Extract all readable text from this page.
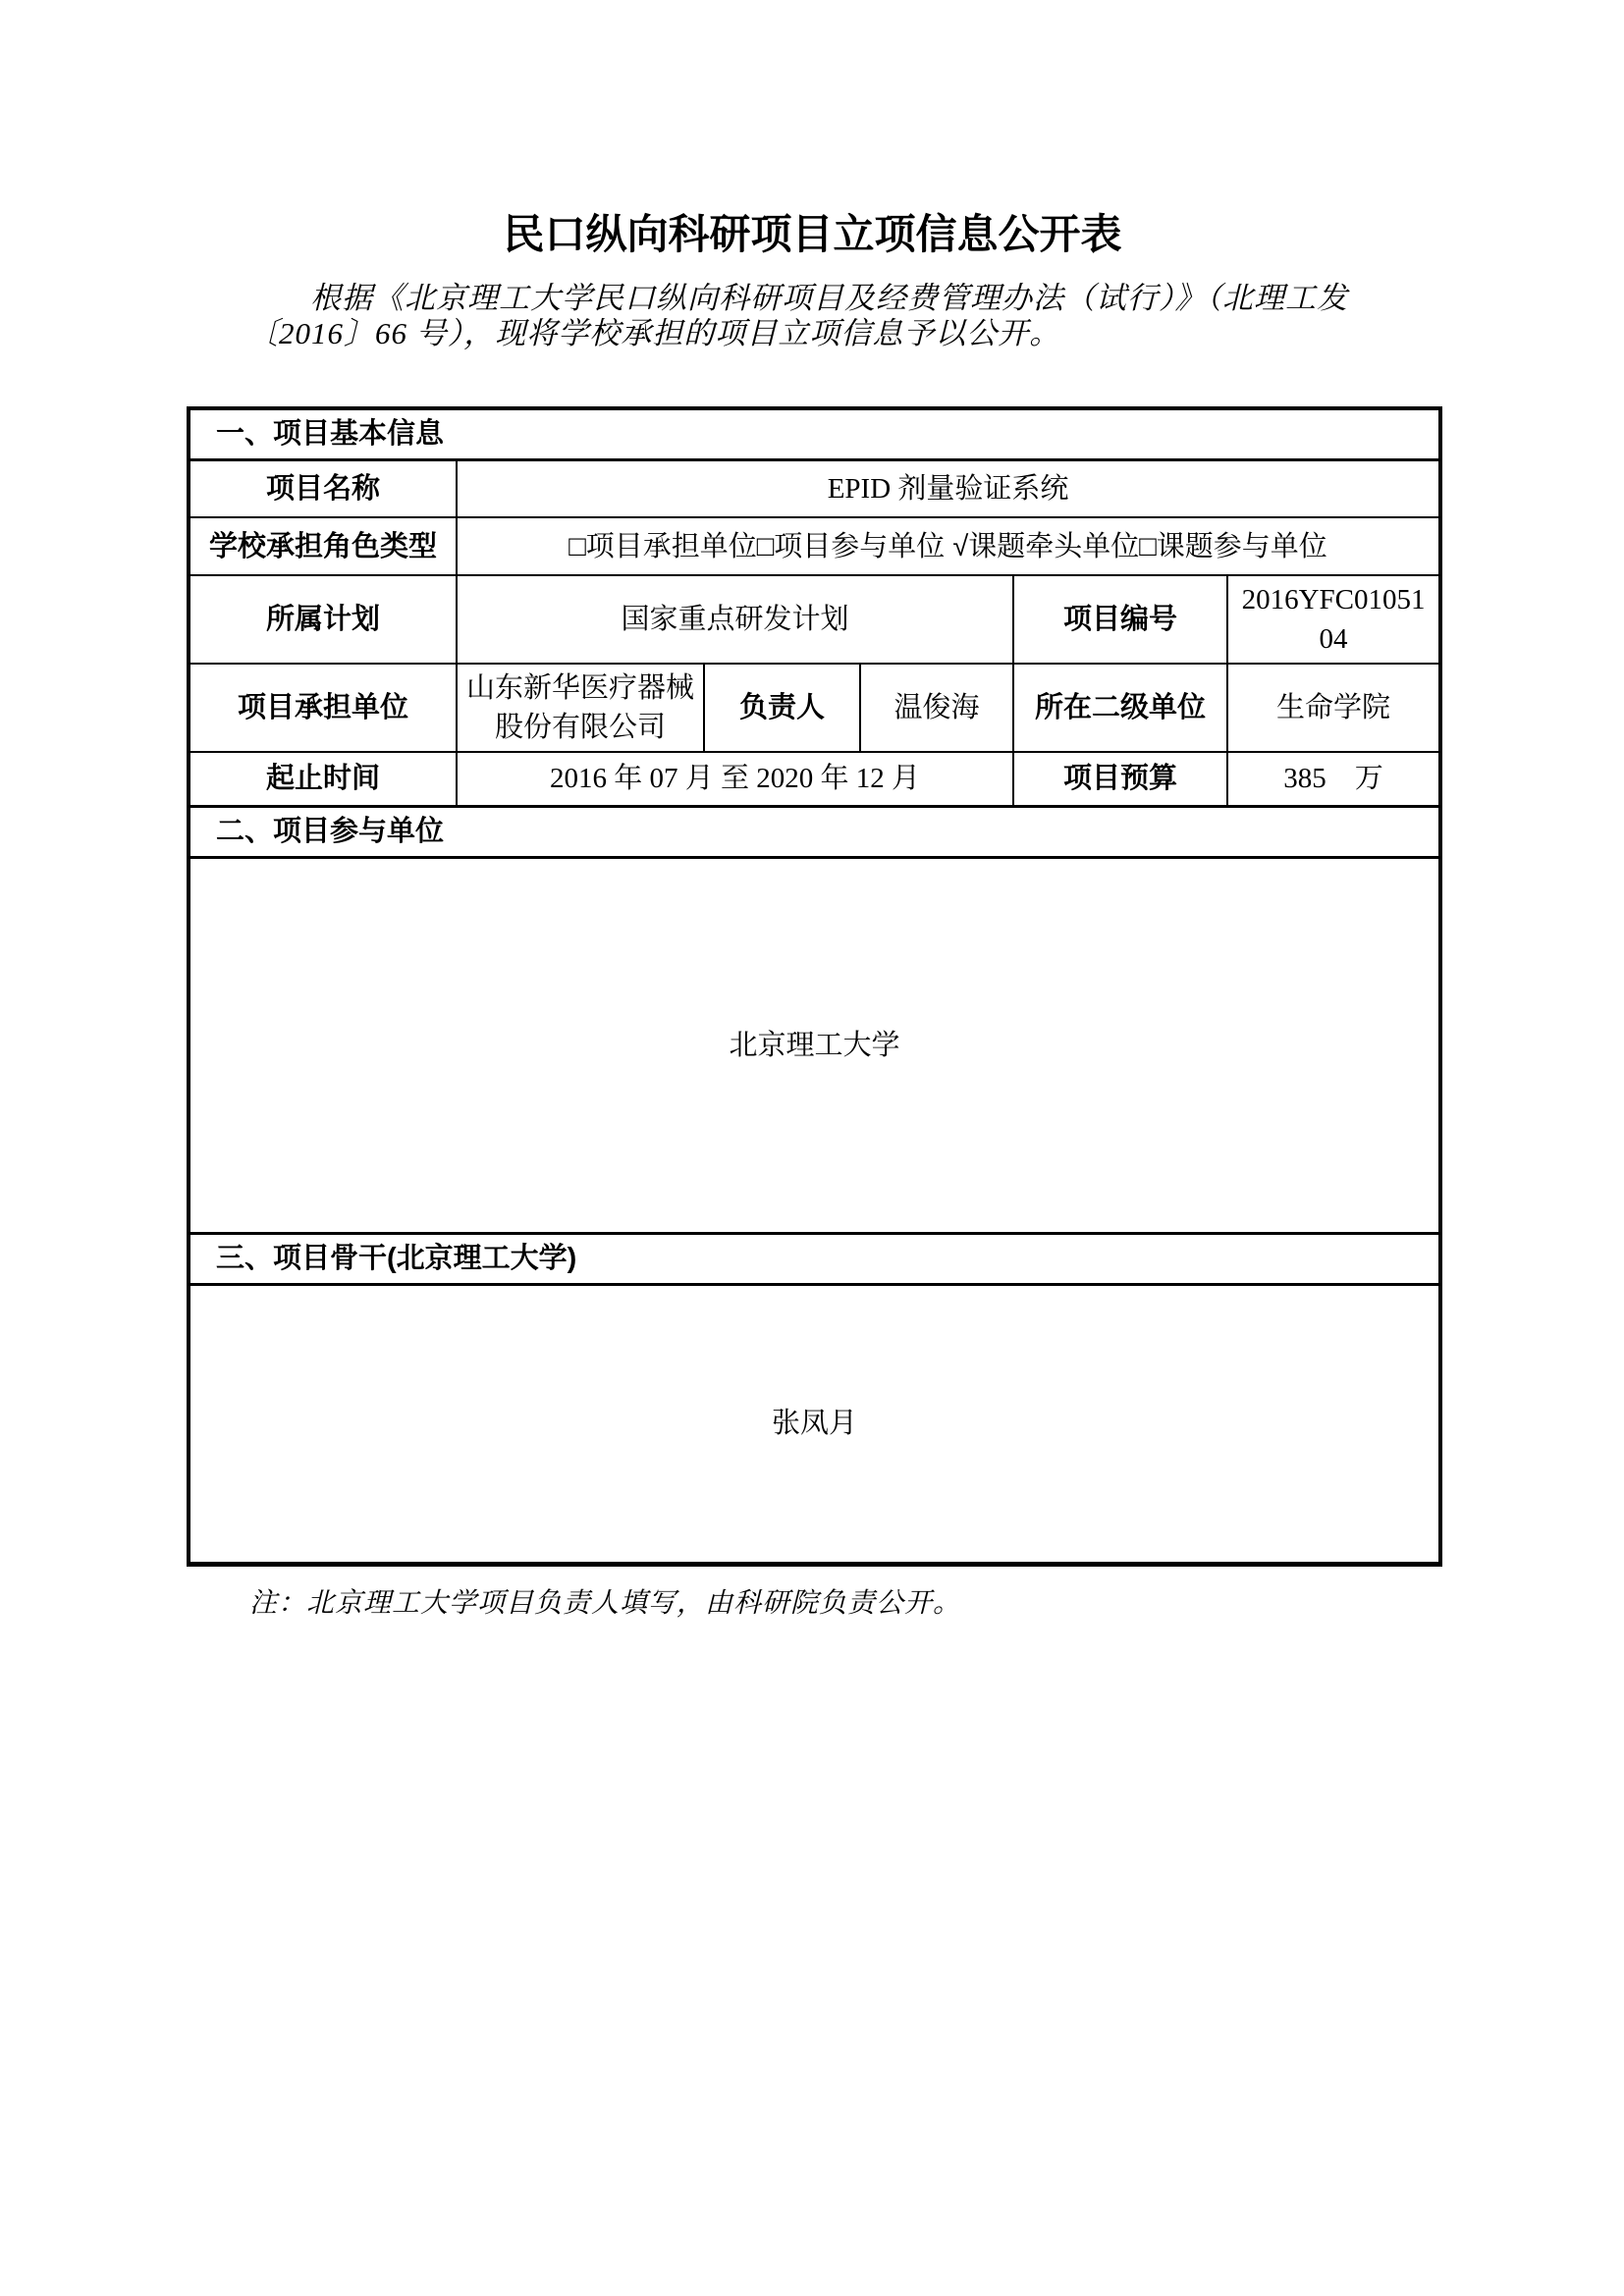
民口纵向科研项目立项信息公开表

根据《北京理工大学民口纵向科研项目及经费管理办法（试行）》（北理工发
〔2016〕66 号），现将学校承担的项目立项信息予以公开。

一、项目基本信息					
项目名称	EPID 剂量验证系统				
学校承担角色类型	□项目承担单位□项目参与单位 √课题牵头单位□课题参与单位				
所属计划	国家重点研发计划			项目编号	2016YFC0105104

项目承担单位	山东新华医疗器械股份有限公司	负责人	温俊海	所在二级单位	生命学院
起止时间	2016 年 07 月 至 2020 年 12 月			项目预算	385　万
二、项目参与单位					
北京理工大学					
三、项目骨干(北京理工大学)					
张凤月					

注：北京理工大学项目负责人填写，由科研院负责公开。
